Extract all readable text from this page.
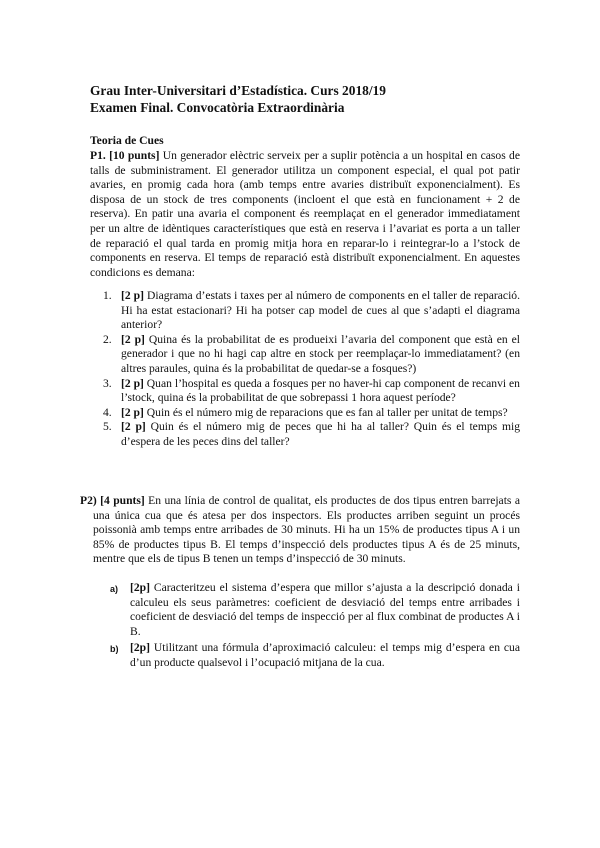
Grau Inter-Universitari d’Estadística. Curs 2018/19
Examen Final. Convocatòria Extraordinària
Teoria de Cues
P1. [10 punts] Un generador elèctric serveix per a suplir potència a un hospital en casos de talls de subministrament. El generador utilitza un component especial, el qual pot patir avaries, en promig cada hora (amb temps entre avaries distribuït exponencialment). Es disposa de un stock de tres components (incloent el que està en funcionament + 2 de reserva). En patir una avaria el component és reemplaçat en el generador immediatament per un altre de idèntiques característiques que està en reserva i l’avariat es porta a un taller de reparació el qual tarda en promig mitja hora en reparar-lo i reintegrar-lo a l’stock de components en reserva. El temps de reparació està distribuït exponencialment. En aquestes condicions es demana:
1. [2 p] Diagrama d’estats i taxes per al número de components en el taller de reparació. Hi ha estat estacionari? Hi ha potser cap model de cues al que s’adapti el diagrama anterior?
2. [2 p] Quina és la probabilitat de es produeixi l’avaria del component que està en el generador i que no hi hagi cap altre en stock per reemplaçar-lo immediatament? (en altres paraules, quina és la probabilitat de quedar-se a fosques?)
3. [2 p] Quan l’hospital es queda a fosques per no haver-hi cap component de recanvi en l’stock, quina és la probabilitat de que sobrepassi 1 hora aquest període?
4. [2 p] Quin és el número mig de reparacions que es fan al taller per unitat de temps?
5. [2 p] Quin és el número mig de peces que hi ha al taller? Quin és el temps mig d’espera de les peces dins del taller?
P2) [4 punts] En una línia de control de qualitat, els productes de dos tipus entren barrejats a una única cua que és atesa per dos inspectors. Els productes arriben seguint un procés poissonià amb temps entre arribades de 30 minuts. Hi ha un 15% de productes tipus A i un 85% de productes tipus B. El temps d’inspecció dels productes tipus A és de 25 minuts, mentre que els de tipus B tenen un temps d’inspecció de 30 minuts.
a) [2p] Caracteritzeu el sistema d’espera que millor s’ajusta a la descripció donada i calculeu els seus paràmetres: coeficient de desviació del temps entre arribades i coeficient de desviació del temps de inspecció per al flux combinat de productes A i B.
b) [2p] Utilitzant una fórmula d’aproximació calculeu: el temps mig d’espera en cua d’un producte qualsevol i l’ocupació mitjana de la cua.
